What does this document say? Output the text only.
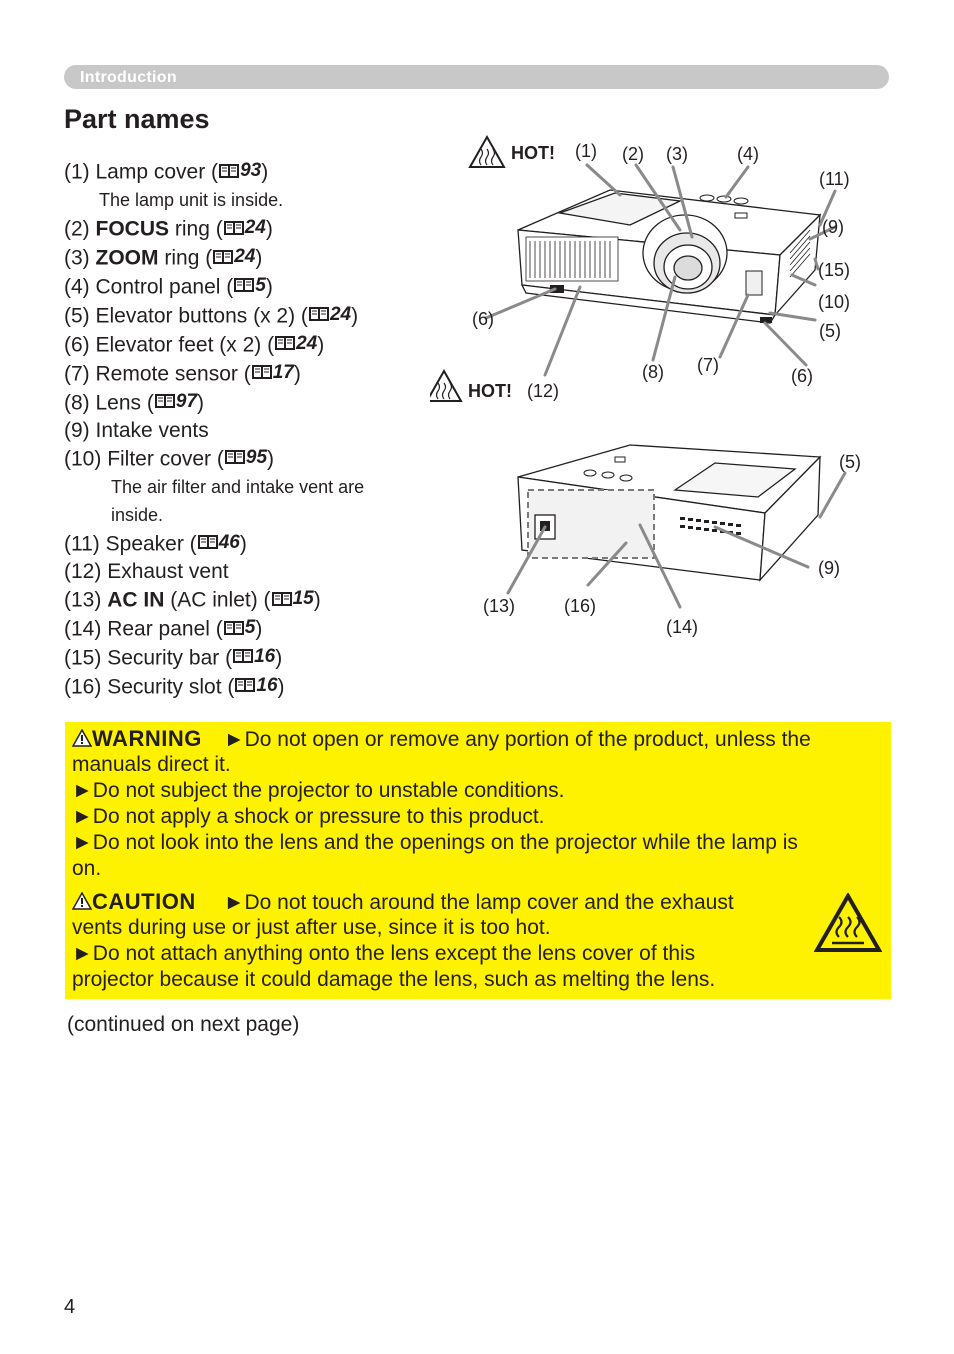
Introduction
Part names
(1) Lamp cover ( 93 )
The lamp unit is inside.
(2) FOCUS ring ( 24 )
(3) ZOOM ring ( 24 )
(4) Control panel ( 5 )
(5) Elevator buttons (x 2) ( 24 )
(6) Elevator feet (x 2) ( 24 )
(7) Remote sensor ( 17 )
(8) Lens ( 97 )
(9) Intake vents
(10) Filter cover ( 95 )
The air filter and intake vent are inside.
(11) Speaker ( 46 )
(12) Exhaust vent
(13) AC IN (AC inlet) ( 15 )
(14) Rear panel ( 5 )
(15) Security bar ( 16 )
(16) Security slot ( 16 )
HOT!
HOT!
(1) (2) (3)	(4)
(11)
(9)
(15)
(10)
(5)
(6)
(6)
(8) (7)
(12)
(5)
(9)
(13)	(16)
(14)
WARNING ►Do not open or remove any portion of the product, unless the
manuals direct it.
►Do not subject the projector to unstable conditions.
►Do not apply a shock or pressure to this product.
►Do not look into the lens and the openings on the projector while the lamp is
on.
CAUTION ►Do not touch around the lamp cover and the exhaust
vents during use or just after use, since it is too hot.
►Do not attach anything onto the lens except the lens cover of this
projector because it could damage the lens, such as melting the lens.
(continued on next page)
4
